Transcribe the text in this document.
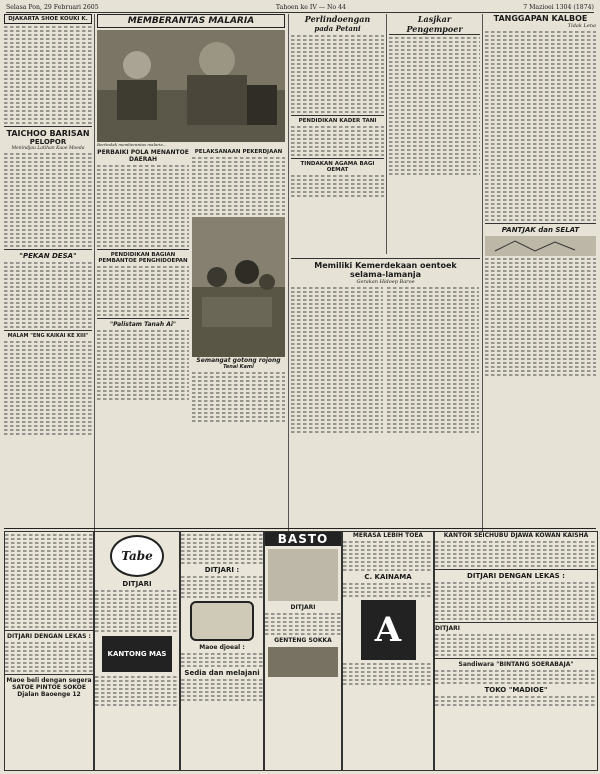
Selasa Pon, 29 Februari 2605	Tahoen ke IV — No 44	7 Mazioei 1304 (1874)
DJAKARTA SHOE KOUKI K.
TAICHOO BARISAN
PELOPOR
Menindjau Latihan Kaoe Moeda
"PEKAN DESA"
MALAM "ENG KAIKAI KE XIII"
MEMBERANTAS MALARIA
Bertindak memberantas malaria...
PERBAIKI POLA MENANTOE DAERAH
PENDIDIKAN BAGIAN PEMBANTOE PENGHIDOEPAN
"Palistam Tanah Ai"
PELAKSANAAN PEKERDJAAN
Semangat gotong rojong
Tenai Kami
Perlindoengan
pada Petani
PENDIDIKAN KADER TANI
TINDAKAN AGAMA BAGI OEMAT
Lasjkar Pengempoer
Memiliki Kemerdekaan oentoek
selama-lamanja
Gerakan Hidoep Baroe
TANGGAPAN KALBOE
Tidak Lena
PANTJAK dan SELAT
DITJARI DENGAN LEKAS :
Maoe beli dengan segera
SATOE PINTOE SOKOE
Djalan Baoenge 12
Tabe
DITJARI
KANTONG MAS
DITJARI :
Maoe djoeal :
Sedia dan melajani
BASTO
DITJARI
GENTENG SOKKA
MERASA LEBIH TOEA
C. KAINAMA
A
KANTOR SEICHUBU DJAWA KOWAN KAISHA
DITJARI DENGAN LEKAS :
DITJARI
Sandiwara "BINTANG SOERABAJA"
TOKO "MADIOE"
